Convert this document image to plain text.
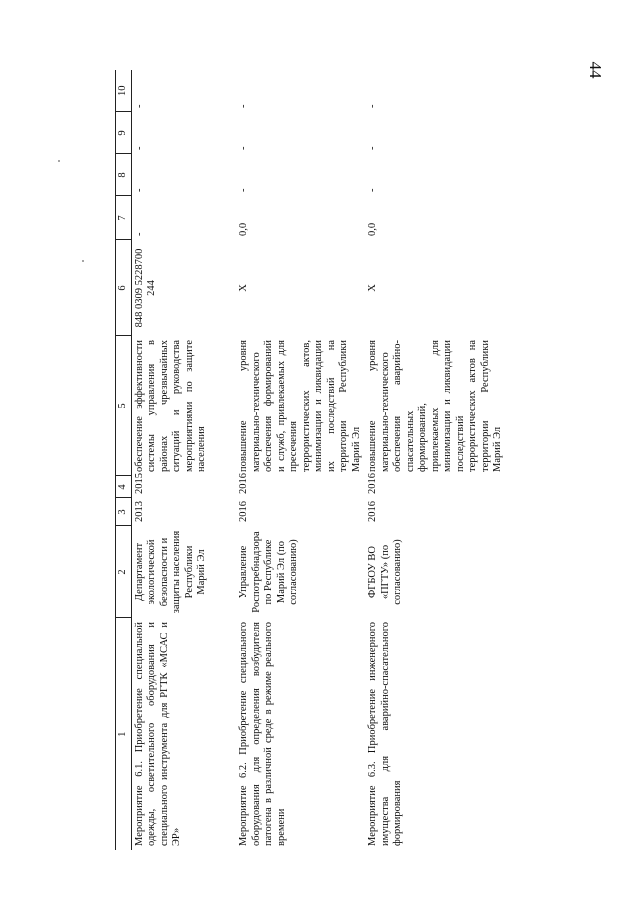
44
1	2	3	4	5	6	7	8	9	10
Мероприятие 6.1. Приобретение специальной одежды, осветительного оборудования и специального инструмента для РГТК «МСАС и ЭР»	Департамент экологической безопасности и защиты населения Республики Марий Эл	2013	2015	обеспечение эффективности системы управления в районах чрезвычайных ситуаций и руководства мероприятиями по защите населения	848 0309 5228700 244	-	-	-	-
Мероприятие 6.2. Приобретение специального оборудования для определения возбудителя патогена в различной среде в режиме реального времени	Управление Роспотребнадзора по Республике Марий Эл (по согласованию)	2016	2016	повышение уровня материально-технического обеспечения формирований и служб, привлекаемых для пресечения террористических актов, минимизации и ликвидации их последствий на территории Республики Марий Эл	X	0,0	-	-	-
Мероприятие 6.3. Приобретение инженерного имущества для аварийно-спасательного формирования	ФГБОУ ВО «ПГТУ» (по согласованию)	2016	2016	повышение уровня материально-технического обеспечения аварийно-спасательных формирований, привлекаемых для минимизации и ликвидации последствий террористических актов на территории Республики Марий Эл	X	0,0	-	-	-
